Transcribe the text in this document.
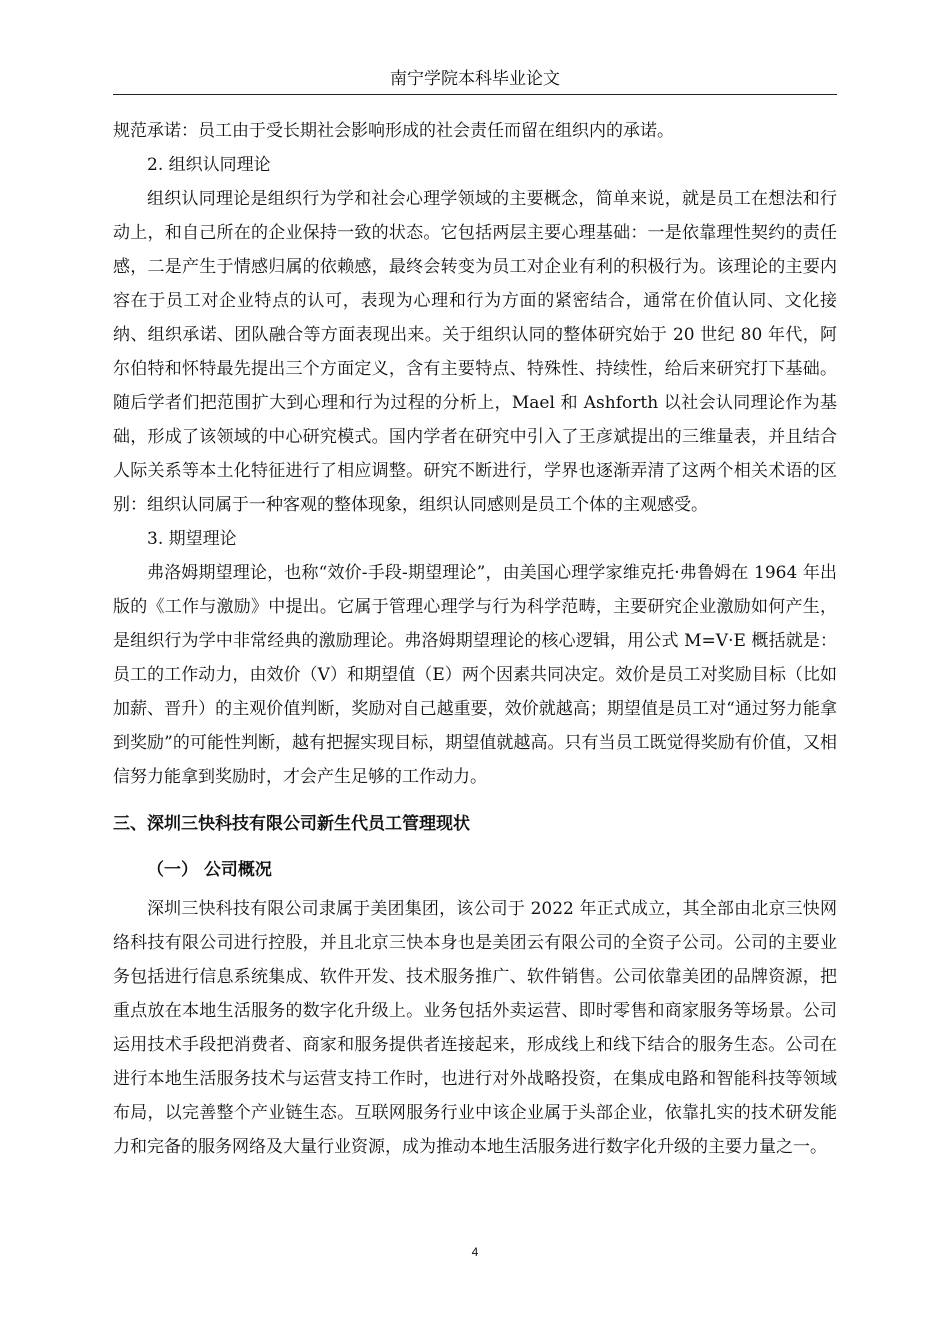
南宁学院本科毕业论文

规范承诺：员工由于受长期社会影响形成的社会责任而留在组织内的承诺。

2. 组织认同理论

组织认同理论是组织行为学和社会心理学领域的主要概念，简单来说，就是员工在想法和行动上，和自己所在的企业保持一致的状态。它包括两层主要心理基础：一是依靠理性契约的责任感，二是产生于情感归属的依赖感，最终会转变为员工对企业有利的积极行为。该理论的主要内容在于员工对企业特点的认可，表现为心理和行为方面的紧密结合，通常在价值认同、文化接纳、组织承诺、团队融合等方面表现出来。关于组织认同的整体研究始于 20 世纪 80 年代，阿尔伯特和怀特最先提出三个方面定义，含有主要特点、特殊性、持续性，给后来研究打下基础。随后学者们把范围扩大到心理和行为过程的分析上，Mael 和 Ashforth 以社会认同理论作为基础，形成了该领域的中心研究模式。国内学者在研究中引入了王彦斌提出的三维量表，并且结合人际关系等本土化特征进行了相应调整。研究不断进行，学界也逐渐弄清了这两个相关术语的区别：组织认同属于一种客观的整体现象，组织认同感则是员工个体的主观感受。

3. 期望理论

弗洛姆期望理论，也称“效价-手段-期望理论”，由美国心理学家维克托·弗鲁姆在 1964 年出版的《工作与激励》中提出。它属于管理心理学与行为科学范畴，主要研究企业激励如何产生，是组织行为学中非常经典的激励理论。弗洛姆期望理论的核心逻辑，用公式 M=V·E 概括就是：员工的工作动力，由效价（V）和期望值（E）两个因素共同决定。效价是员工对奖励目标（比如加薪、晋升）的主观价值判断，奖励对自己越重要，效价就越高；期望值是员工对“通过努力能拿到奖励”的可能性判断，越有把握实现目标，期望值就越高。只有当员工既觉得奖励有价值，又相信努力能拿到奖励时，才会产生足够的工作动力。

三、深圳三快科技有限公司新生代员工管理现状

（一） 公司概况

深圳三快科技有限公司隶属于美团集团，该公司于 2022 年正式成立，其全部由北京三快网络科技有限公司进行控股，并且北京三快本身也是美团云有限公司的全资子公司。公司的主要业务包括进行信息系统集成、软件开发、技术服务推广、软件销售。公司依靠美团的品牌资源，把重点放在本地生活服务的数字化升级上。业务包括外卖运营、即时零售和商家服务等场景。公司运用技术手段把消费者、商家和服务提供者连接起来，形成线上和线下结合的服务生态。公司在进行本地生活服务技术与运营支持工作时，也进行对外战略投资，在集成电路和智能科技等领域布局，以完善整个产业链生态。互联网服务行业中该企业属于头部企业，依靠扎实的技术研发能力和完备的服务网络及大量行业资源，成为推动本地生活服务进行数字化升级的主要力量之一。

4
